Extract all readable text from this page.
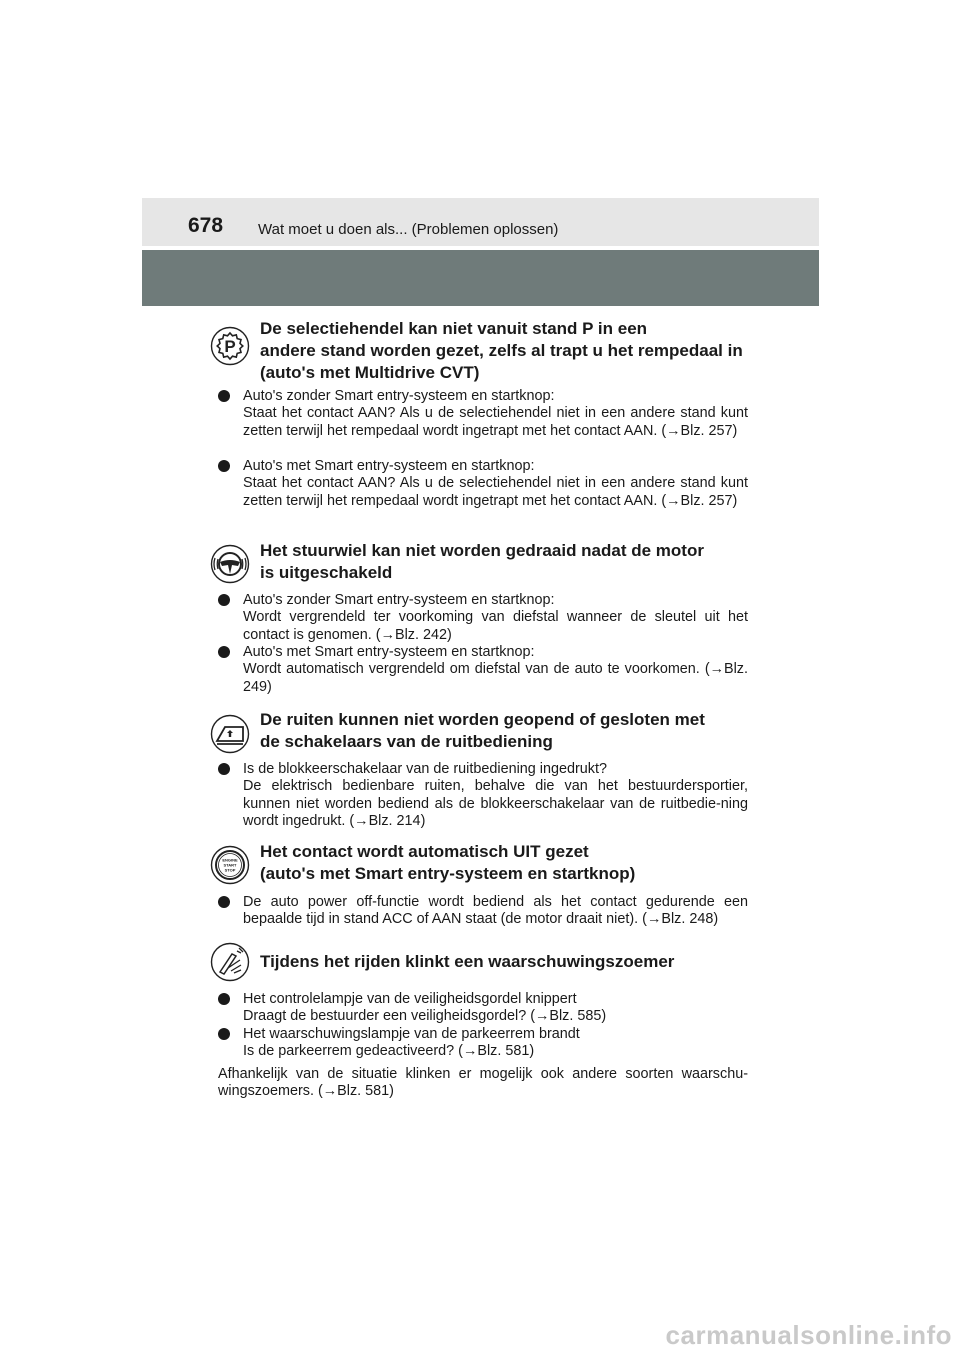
678 Wat moet u doen als... (Problemen oplossen)
P
De selectiehendel kan niet vanuit stand P in een
andere stand worden gezet, zelfs al trapt u het rempedaal in
(auto's met Multidrive CVT)
Auto's zonder Smart entry-systeem en startknop:
Staat het contact AAN? Als u de selectiehendel niet in een andere stand kunt zetten terwijl het rempedaal wordt ingetrapt met het contact AAN. (→Blz. 257)
Auto's met Smart entry-systeem en startknop:
Staat het contact AAN? Als u de selectiehendel niet in een andere stand kunt zetten terwijl het rempedaal wordt ingetrapt met het contact AAN. (→Blz. 257)
Het stuurwiel kan niet worden gedraaid nadat de motor
is uitgeschakeld
Auto's zonder Smart entry-systeem en startknop:
Wordt vergrendeld ter voorkoming van diefstal wanneer de sleutel uit het contact is genomen. (→Blz. 242)
Auto's met Smart entry-systeem en startknop:
Wordt automatisch vergrendeld om diefstal van de auto te voorkomen. (→Blz. 249)
De ruiten kunnen niet worden geopend of gesloten met
de schakelaars van de ruitbediening
Is de blokkeerschakelaar van de ruitbediening ingedrukt?
De elektrisch bedienbare ruiten, behalve die van het bestuurdersportier, kunnen niet worden bediend als de blokkeerschakelaar van de ruitbedie-ning wordt ingedrukt. (→Blz. 214)
ENGINE
START
STOP
Het contact wordt automatisch UIT gezet
(auto's met Smart entry-systeem en startknop)
De auto power off-functie wordt bediend als het contact gedurende een bepaalde tijd in stand ACC of AAN staat (de motor draait niet). (→Blz. 248)
Tijdens het rijden klinkt een waarschuwingszoemer
Het controlelampje van de veiligheidsgordel knippert
Draagt de bestuurder een veiligheidsgordel? (→Blz. 585)
Het waarschuwingslampje van de parkeerrem brandt
Is de parkeerrem gedeactiveerd? (→Blz. 581)
Afhankelijk van de situatie klinken er mogelijk ook andere soorten waarschu-wingszoemers. (→Blz. 581)
carmanualsonline.info
